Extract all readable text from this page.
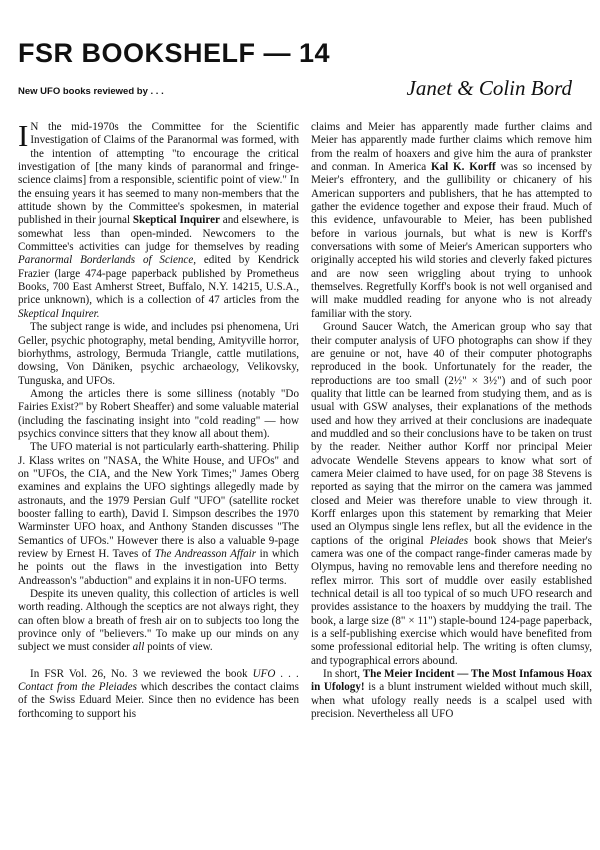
FSR BOOKSHELF — 14
New UFO books reviewed by . . .	Janet & Colin Bord

I N the mid-1970s the Committee for the Scientific Investigation of Claims of the Paranormal was formed, with the intention of attempting "to encourage the critical investigation of [the many kinds of paranormal and fringe-science claims] from a responsible, scientific point of view." In the ensuing years it has seemed to many non-members that the attitude shown by the Committee's spokesmen, in material published in their journal Skeptical Inquirer and elsewhere, is somewhat less than open-minded. Newcomers to the Committee's activities can judge for themselves by reading Paranormal Borderlands of Science, edited by Kendrick Frazier (large 474-page paperback published by Prometheus Books, 700 East Amherst Street, Buffalo, N.Y. 14215, U.S.A., price unknown), which is a collection of 47 articles from the Skeptical Inquirer.

The subject range is wide, and includes psi phenomena, Uri Geller, psychic photography, metal bending, Amityville horror, biorhythms, astrology, Bermuda Triangle, cattle mutilations, dowsing, Von Däniken, psychic archaeology, Velikovsky, Tunguska, and UFOs.

Among the articles there is some silliness (notably "Do Fairies Exist?" by Robert Sheaffer) and some valuable material (including the fascinating insight into "cold reading" — how psychics convince sitters that they know all about them).

The UFO material is not particularly earth-shattering. Philip J. Klass writes on "NASA, the White House, and UFOs" and on "UFOs, the CIA, and the New York Times;" James Oberg examines and explains the UFO sightings allegedly made by astronauts, and the 1979 Persian Gulf "UFO" (satellite rocket booster falling to earth), David I. Simpson describes the 1970 Warminster UFO hoax, and Anthony Standen discusses "The Semantics of UFOs." However there is also a valuable 9-page review by Ernest H. Taves of The Andreasson Affair in which he points out the flaws in the investigation into Betty Andreasson's "abduction" and explains it in non-UFO terms.

Despite its uneven quality, this collection of articles is well worth reading. Although the sceptics are not always right, they can often blow a breath of fresh air on to subjects too long the province only of "believers." To make up our minds on any subject we must consider all points of view.

In FSR Vol. 26, No. 3 we reviewed the book UFO . . . Contact from the Pleiades which describes the contact claims of the Swiss Eduard Meier. Since then no evidence has been forthcoming to support his

claims and Meier has apparently made further claims and Meier has apparently made further claims which remove him from the realm of hoaxers and give him the aura of prankster and conman. In America Kal K. Korff was so incensed by Meier's effrontery, and the gullibility or chicanery of his American supporters and publishers, that he has attempted to gather the evidence together and expose their fraud. Much of this evidence, unfavourable to Meier, has been published before in various journals, but what is new is Korff's conversations with some of Meier's American supporters who originally accepted his wild stories and cleverly faked pictures and are now seen wriggling about trying to unhook themselves. Regretfully Korff's book is not well organised and will make muddled reading for anyone who is not already familiar with the story.

Ground Saucer Watch, the American group who say that their computer analysis of UFO photographs can show if they are genuine or not, have 40 of their computer photographs reproduced in the book. Unfortunately for the reader, the reproductions are too small (2½" × 3½") and of such poor quality that little can be learned from studying them, and as is usual with GSW analyses, their explanations of the methods used and how they arrived at their conclusions are inadequate and muddled and so their conclusions have to be taken on trust by the reader. Neither author Korff nor principal Meier advocate Wendelle Stevens appears to know what sort of camera Meier claimed to have used, for on page 38 Stevens is reported as saying that the mirror on the camera was jammed closed and Meier was therefore unable to view through it. Korff enlarges upon this statement by remarking that Meier used an Olympus single lens reflex, but all the evidence in the captions of the original Pleiades book shows that Meier's camera was one of the compact range-finder cameras made by Olympus, having no removable lens and therefore needing no reflex mirror. This sort of muddle over easily established technical detail is all too typical of so much UFO research and provides assistance to the hoaxers by muddying the trail. The book, a large size (8" × 11") staple-bound 124-page paperback, is a self-publishing exercise which would have benefited from some professional editorial help. The writing is often clumsy, and typographical errors abound.

In short, The Meier Incident — The Most Infamous Hoax in Ufology! is a blunt instrument wielded without much skill, when what ufology really needs is a scalpel used with precision. Nevertheless all UFO
